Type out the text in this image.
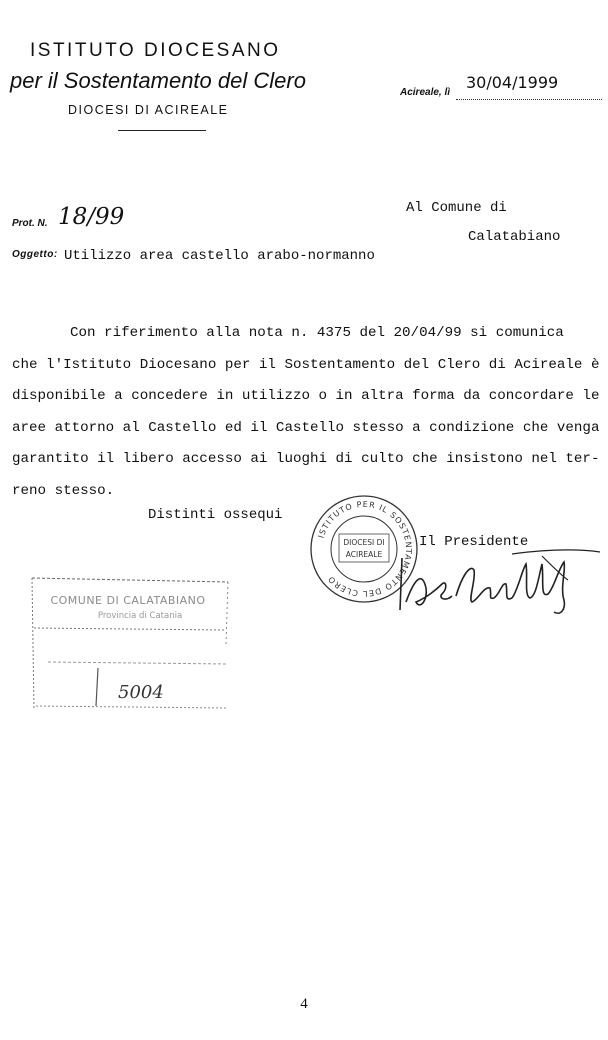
ISTITUTO DIOCESANO
per il Sostentamento del Clero
DIOCESI DI ACIREALE
Acireale, lì
30/04/1999
Prot. N. 18/99
Oggetto: Utilizzo area castello arabo-normanno
Al Comune di
Calatabiano
Con riferimento alla nota n. 4375 del 20/04/99 si comunica
che l'Istituto Diocesano per il Sostentamento del Clero di Acireale è
disponibile a concedere in utilizzo o in altra forma da concordare le
aree attorno al Castello ed il Castello stesso a condizione che venga
garantito il libero accesso ai luoghi di culto che insistono nel ter-
reno stesso.
Distinti ossequi
ISTITUTO PER IL SOSTENTAMENTO DEL CLERO
DIOCESI DI
ACIREALE
Il Presidente
COMUNE DI CALATABIANO
Provincia di Catania
5004
4
